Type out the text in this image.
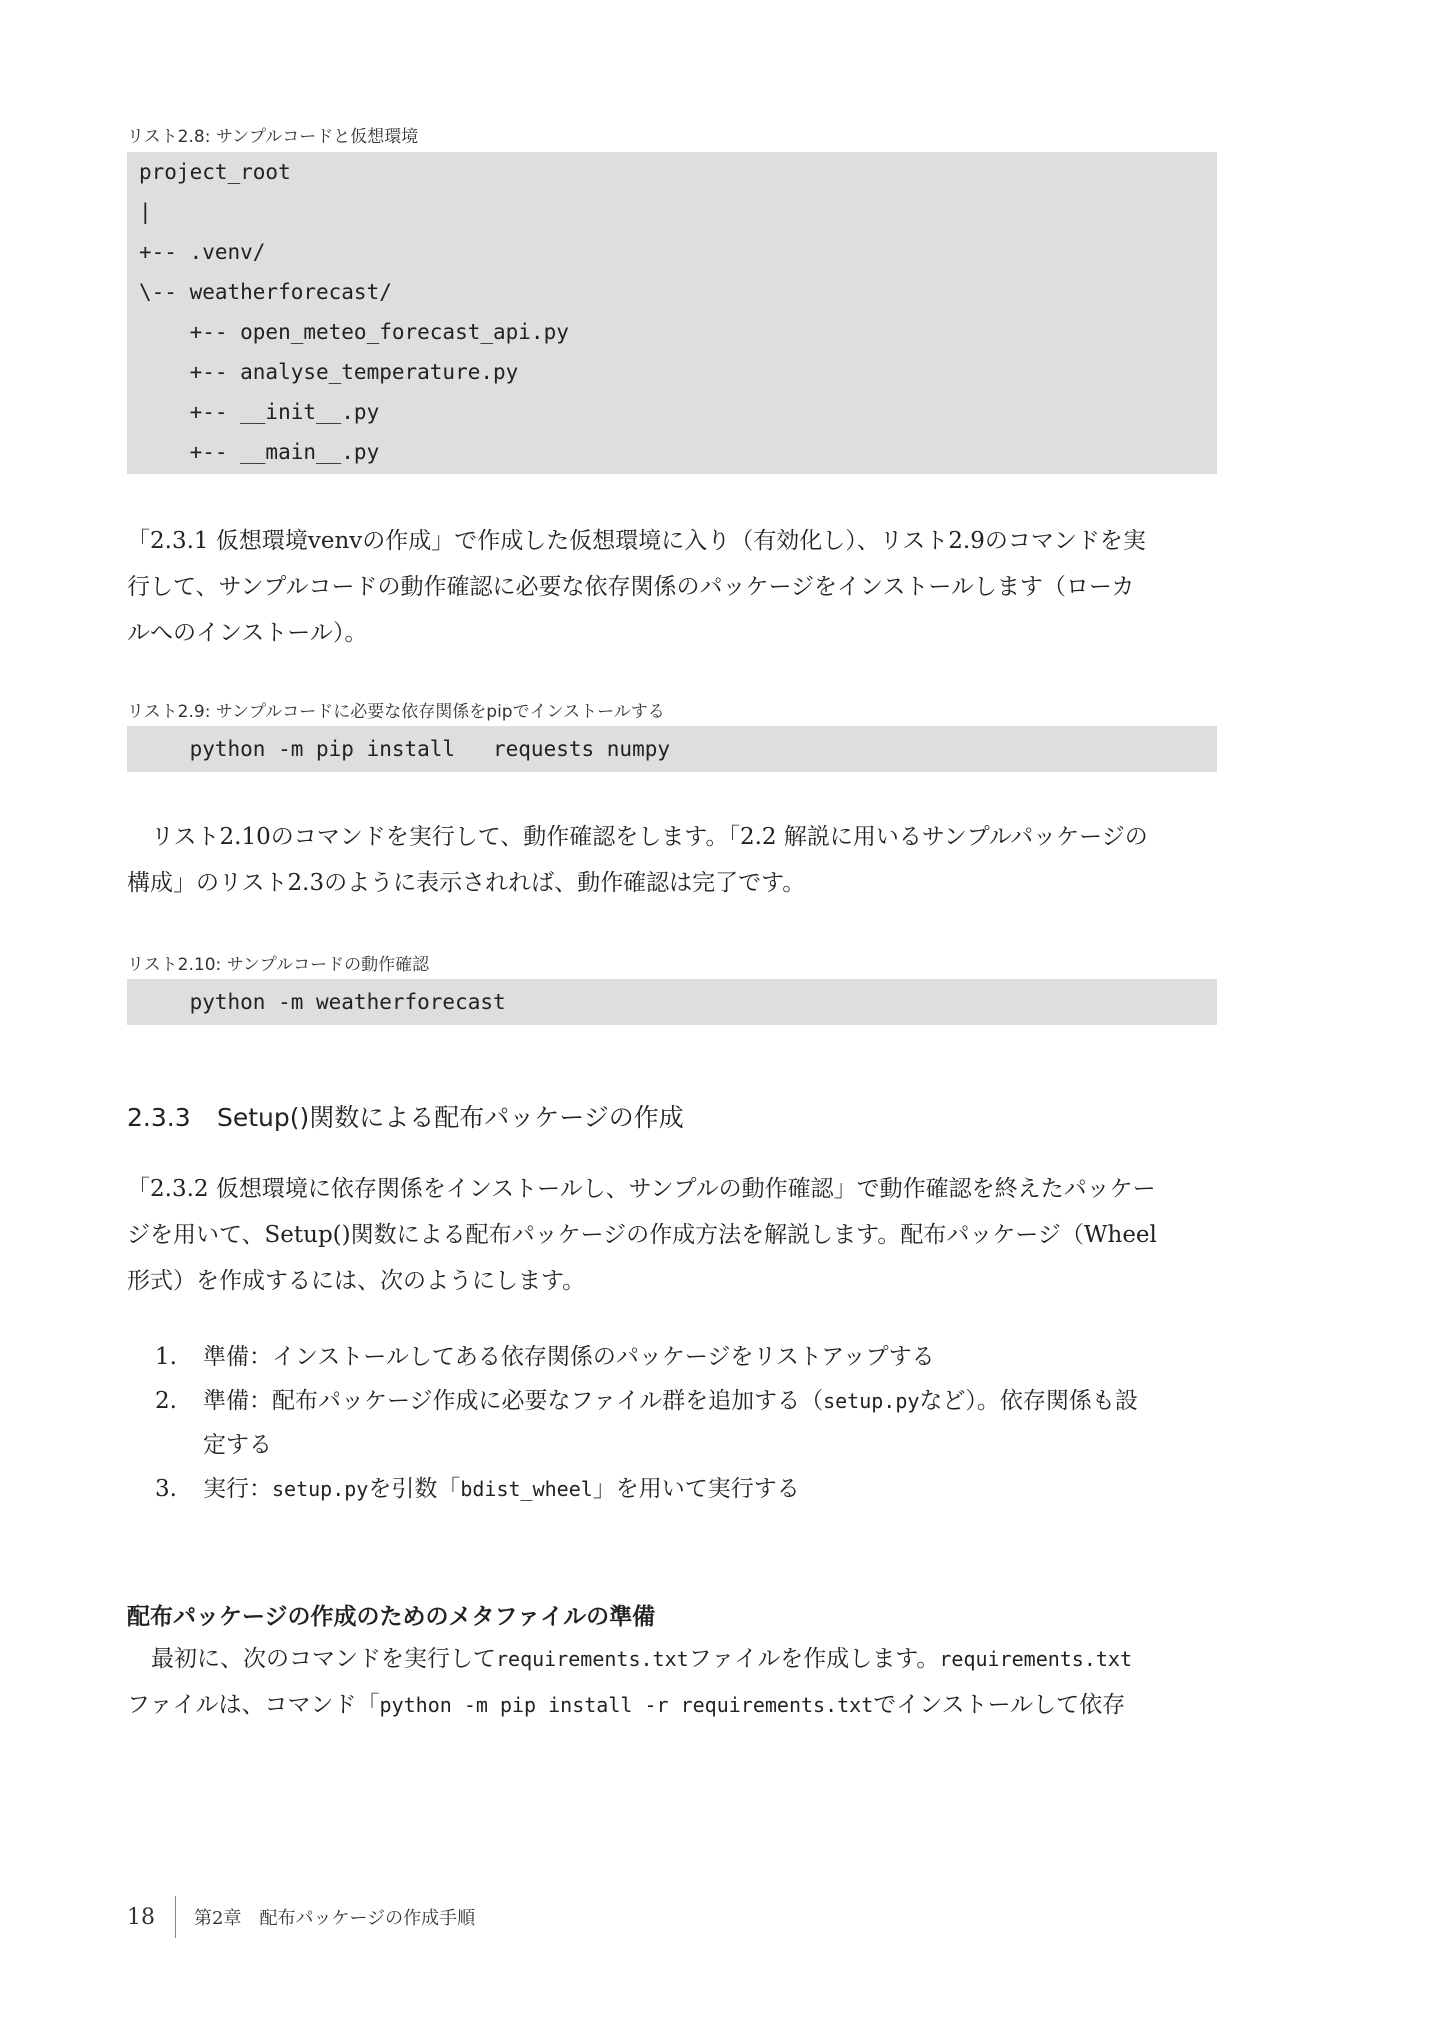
リスト2.8: サンプルコードと仮想環境
project_root
|
+-- .venv/
\-- weatherforecast/
+-- open_meteo_forecast_api.py
+-- analyse_temperature.py
+-- __init__.py
+-- __main__.py
「2.3.1 仮想環境venvの作成」で作成した仮想環境に入り（有効化し）、リスト2.9のコマンドを実
行して、サンプルコードの動作確認に必要な依存関係のパッケージをインストールします（ローカ
ルへのインストール）。
リスト2.9: サンプルコードに必要な依存関係をpipでインストールする
python -m pip install   requests numpy
リスト2.10のコマンドを実行して、動作確認をします。「2.2 解説に用いるサンプルパッケージの
構成」のリスト2.3のように表示されれば、動作確認は完了です。
リスト2.10: サンプルコードの動作確認
python -m weatherforecast
2.3.3 Setup()関数による配布パッケージの作成
「2.3.2 仮想環境に依存関係をインストールし、サンプルの動作確認」で動作確認を終えたパッケー
ジを用いて、Setup()関数による配布パッケージの作成方法を解説します。配布パッケージ（Wheel
形式）を作成するには、次のようにします。
1.	準備：インストールしてある依存関係のパッケージをリストアップする
2.	準備：配布パッケージ作成に必要なファイル群を追加する（setup.pyなど）。依存関係も設
定する
3.	実行：setup.pyを引数「bdist_wheel」を用いて実行する
配布パッケージの作成のためのメタファイルの準備
最初に、次のコマンドを実行してrequirements.txtファイルを作成します。requirements.txt
ファイルは、コマンド「python -m pip install -r requirements.txtでインストールして依存
18	第2章　配布パッケージの作成手順
